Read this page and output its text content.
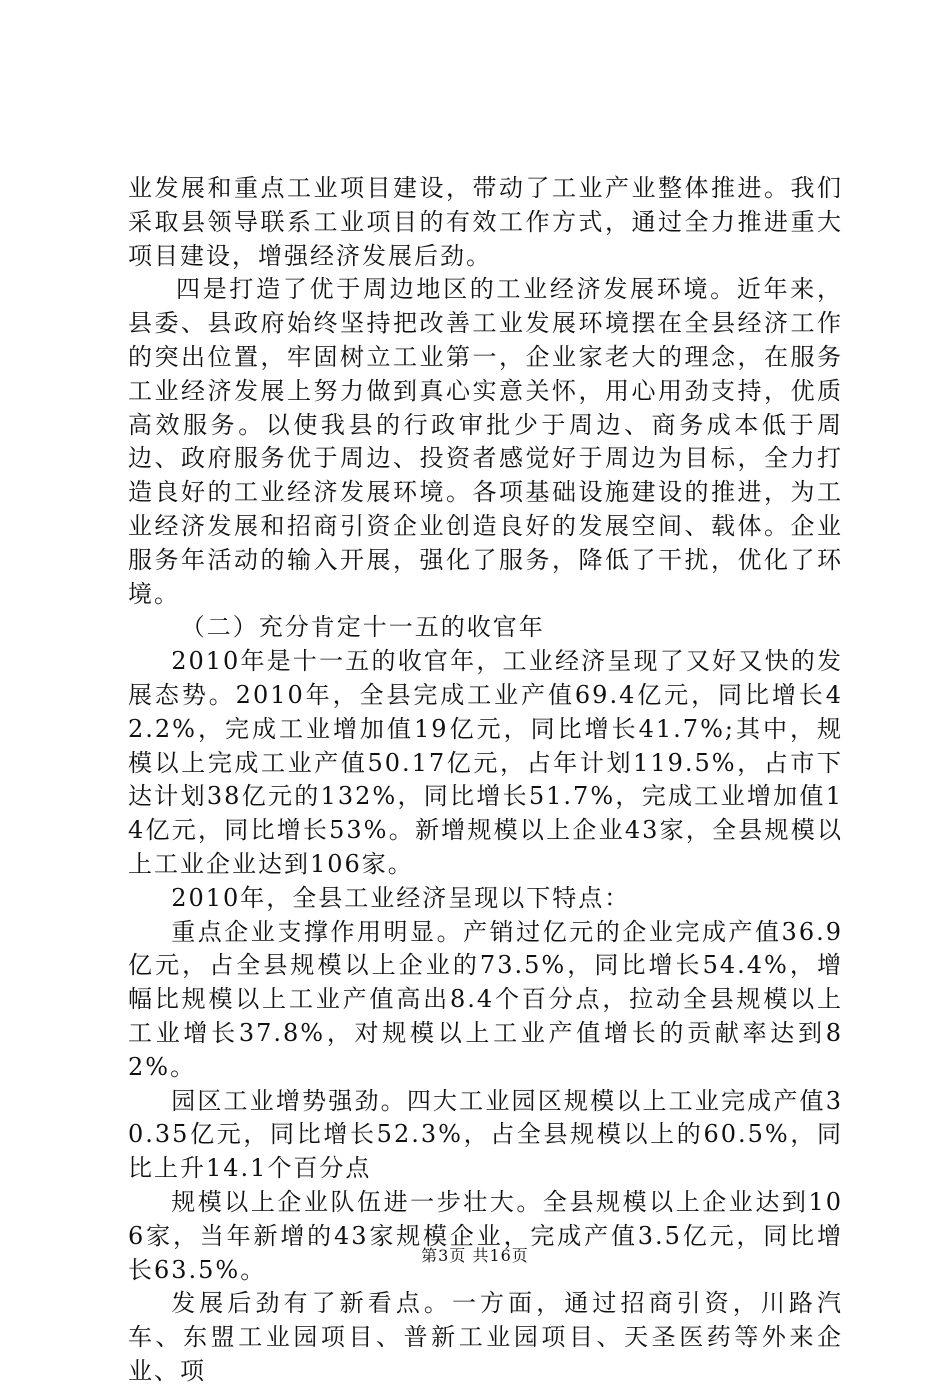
业发展和重点工业项目建设，带动了工业产业整体推进。我们采取县领导联系工业项目的有效工作方式，通过全力推进重大项目建设，增强经济发展后劲。

四是打造了优于周边地区的工业经济发展环境。近年来，县委、县政府始终坚持把改善工业发展环境摆在全县经济工作的突出位置，牢固树立工业第一，企业家老大的理念，在服务工业经济发展上努力做到真心实意关怀，用心用劲支持，优质高效服务。以使我县的行政审批少于周边、商务成本低于周边、政府服务优于周边、投资者感觉好于周边为目标，全力打造良好的工业经济发展环境。各项基础设施建设的推进，为工业经济发展和招商引资企业创造良好的发展空间、载体。企业服务年活动的输入开展，强化了服务，降低了干扰，优化了环境。

（二）充分肯定十一五的收官年

2010年是十一五的收官年，工业经济呈现了又好又快的发展态势。2010年，全县完成工业产值69.4亿元，同比增长42.2%，完成工业增加值19亿元，同比增长41.7%;其中，规模以上完成工业产值50.17亿元，占年计划119.5%，占市下达计划38亿元的132%，同比增长51.7%，完成工业增加值14亿元，同比增长53%。新增规模以上企业43家，全县规模以上工业企业达到106家。

2010年，全县工业经济呈现以下特点：

重点企业支撑作用明显。产销过亿元的企业完成产值36.9亿元，占全县规模以上企业的73.5%，同比增长54.4%，增幅比规模以上工业产值高出8.4个百分点，拉动全县规模以上工业增长37.8%，对规模以上工业产值增长的贡献率达到82%。

园区工业增势强劲。四大工业园区规模以上工业完成产值30.35亿元，同比增长52.3%，占全县规模以上的60.5%，同比上升14.1个百分点

规模以上企业队伍进一步壮大。全县规模以上企业达到106家，当年新增的43家规模企业，完成产值3.5亿元，同比增长63.5%。

发展后劲有了新看点。一方面，通过招商引资，川路汽车、东盟工业园项目、普新工业园项目、天圣医药等外来企业、项

第3页 共16页
